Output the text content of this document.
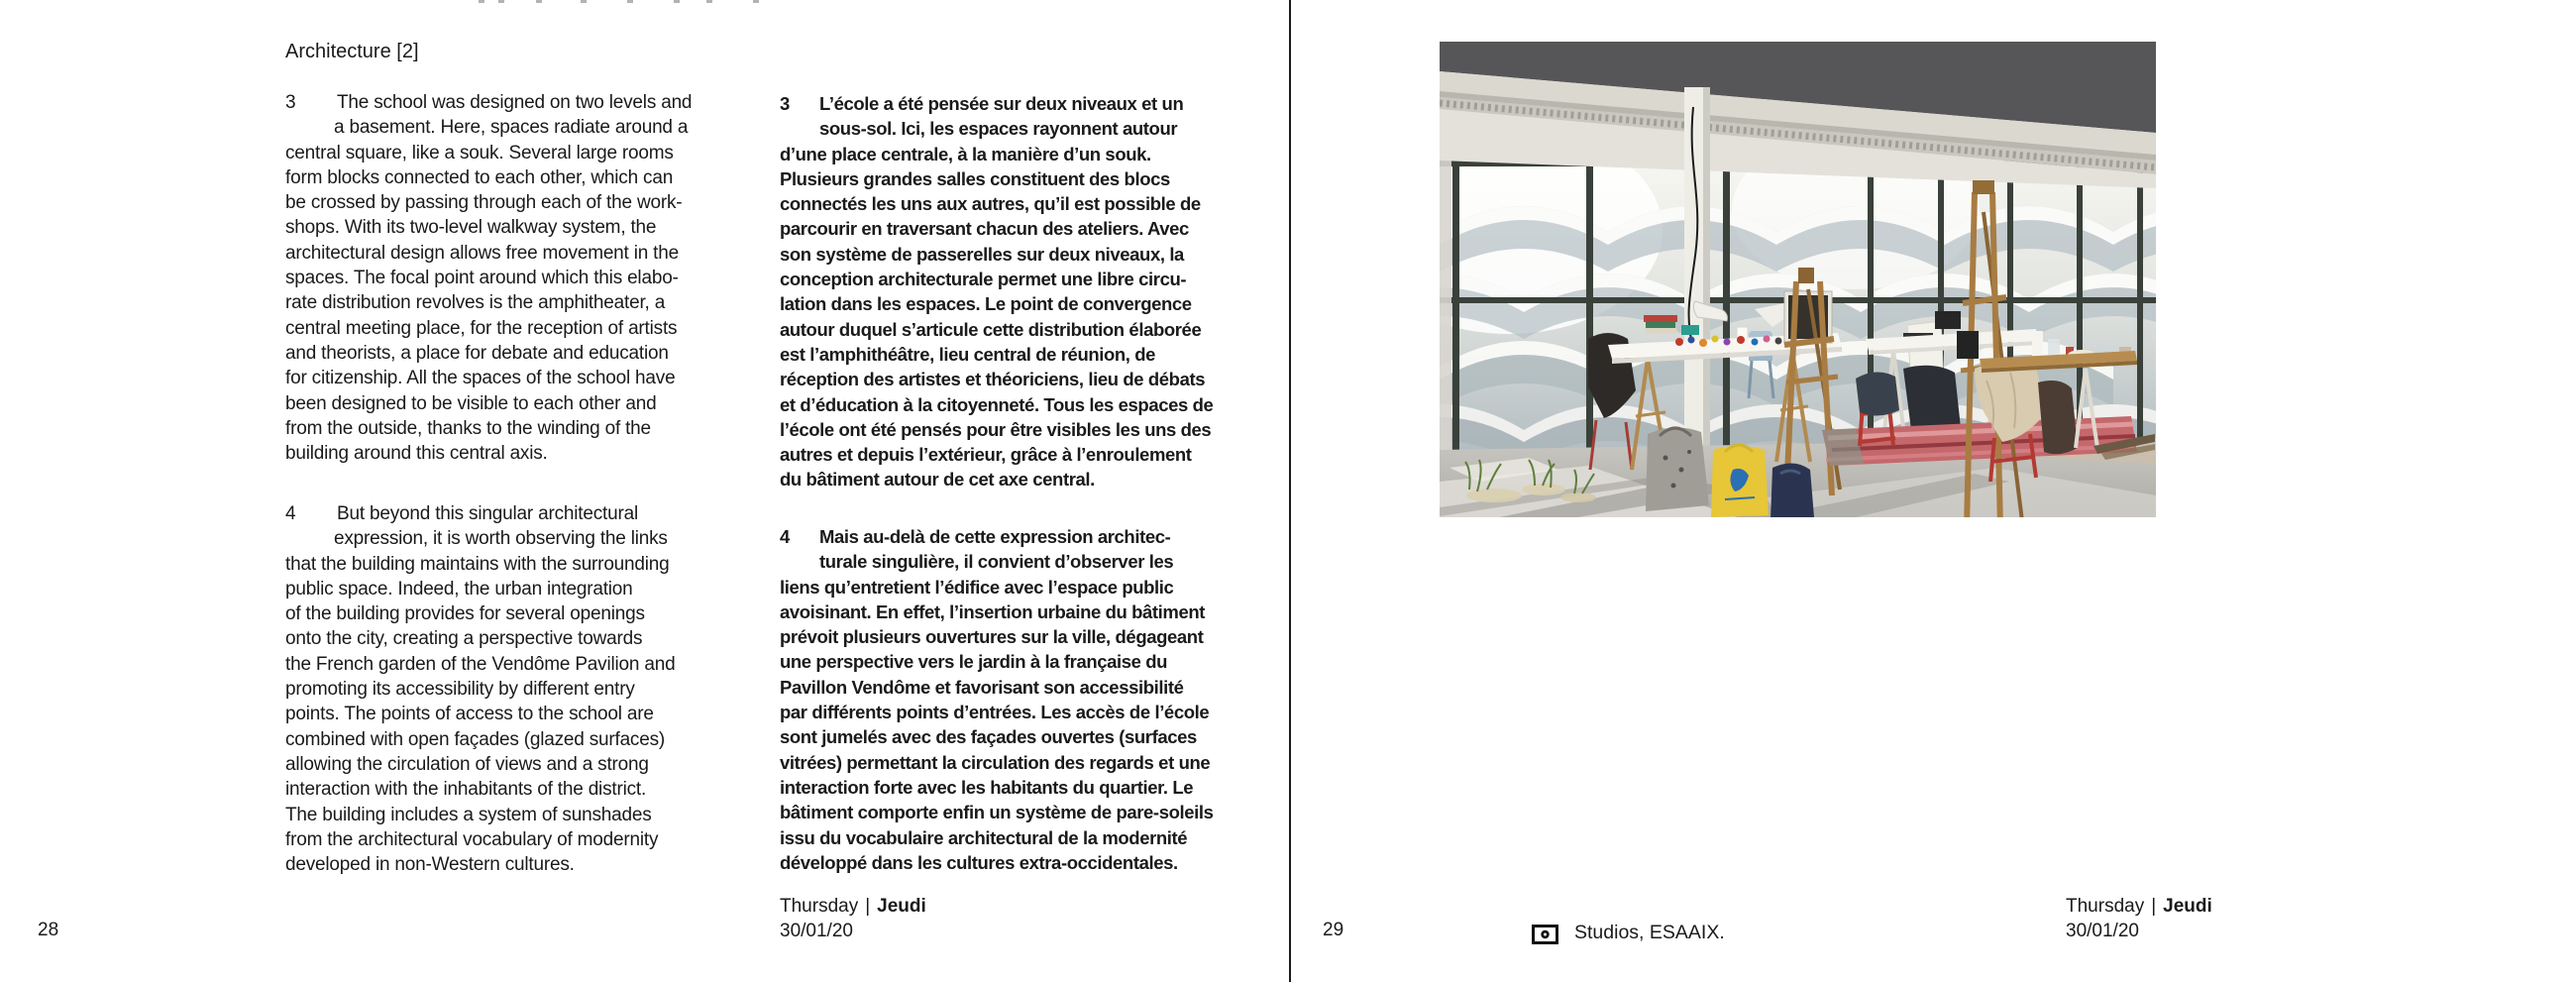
Architecture [2]
3 The school was designed on two levels and
a basement. Here, spaces radiate around a
central square, like a souk. Several large rooms
form blocks connected to each other, which can
be crossed by passing through each of the work-
shops. With its two-level walkway system, the
architectural design allows free movement in the
spaces. The focal point around which this elabo-
rate distribution revolves is the amphitheater, a
central meeting place, for the reception of artists
and theorists, a place for debate and education
for citizenship. All the spaces of the school have
been designed to be visible to each other and
from the outside, thanks to the winding of the
building around this central axis.
4 But beyond this singular architectural
expression, it is worth observing the links
that the building maintains with the surrounding
public space. Indeed, the urban integration
of the building provides for several openings
onto the city, creating a perspective towards
the French garden of the Vendôme Pavilion and
promoting its accessibility by different entry
points. The points of access to the school are
combined with open façades (glazed surfaces)
allowing the circulation of views and a strong
interaction with the inhabitants of the district.
The building includes a system of sunshades
from the architectural vocabulary of modernity
developed in non-Western cultures.
3 L’école a été pensée sur deux niveaux et un
sous-sol. Ici, les espaces rayonnent autour
d’une place centrale, à la manière d’un souk.
Plusieurs grandes salles constituent des blocs
connectés les uns aux autres, qu’il est possible de
parcourir en traversant chacun des ateliers. Avec
son système de passerelles sur deux niveaux, la
conception architecturale permet une libre circu-
lation dans les espaces. Le point de convergence
autour duquel s’articule cette distribution élaborée
est l’amphithéâtre, lieu central de réunion, de
réception des artistes et théoriciens, lieu de débats
et d’éducation à la citoyenneté. Tous les espaces de
l’école ont été pensés pour être visibles les uns des
autres et depuis l’extérieur, grâce à l’enroulement
du bâtiment autour de cet axe central.
4 Mais au-delà de cette expression architec-
turale singulière, il convient d’observer les
liens qu’entretient l’édifice avec l’espace public
avoisinant. En effet, l’insertion urbaine du bâtiment
prévoit plusieurs ouvertures sur la ville, dégageant
une perspective vers le jardin à la française du
Pavillon Vendôme et favorisant son accessibilité
par différents points d’entrées. Les accès de l’école
sont jumelés avec des façades ouvertes (surfaces
vitrées) permettant la circulation des regards et une
interaction forte avec les habitants du quartier. Le
bâtiment comporte enfin un système de pare-soleils
issu du vocabulaire architectural de la modernité
développé dans les cultures extra-occidentales.
Thursday | Jeudi
30/01/20
28	29	Studios, ESAAIX.
Thursday | Jeudi
30/01/20
